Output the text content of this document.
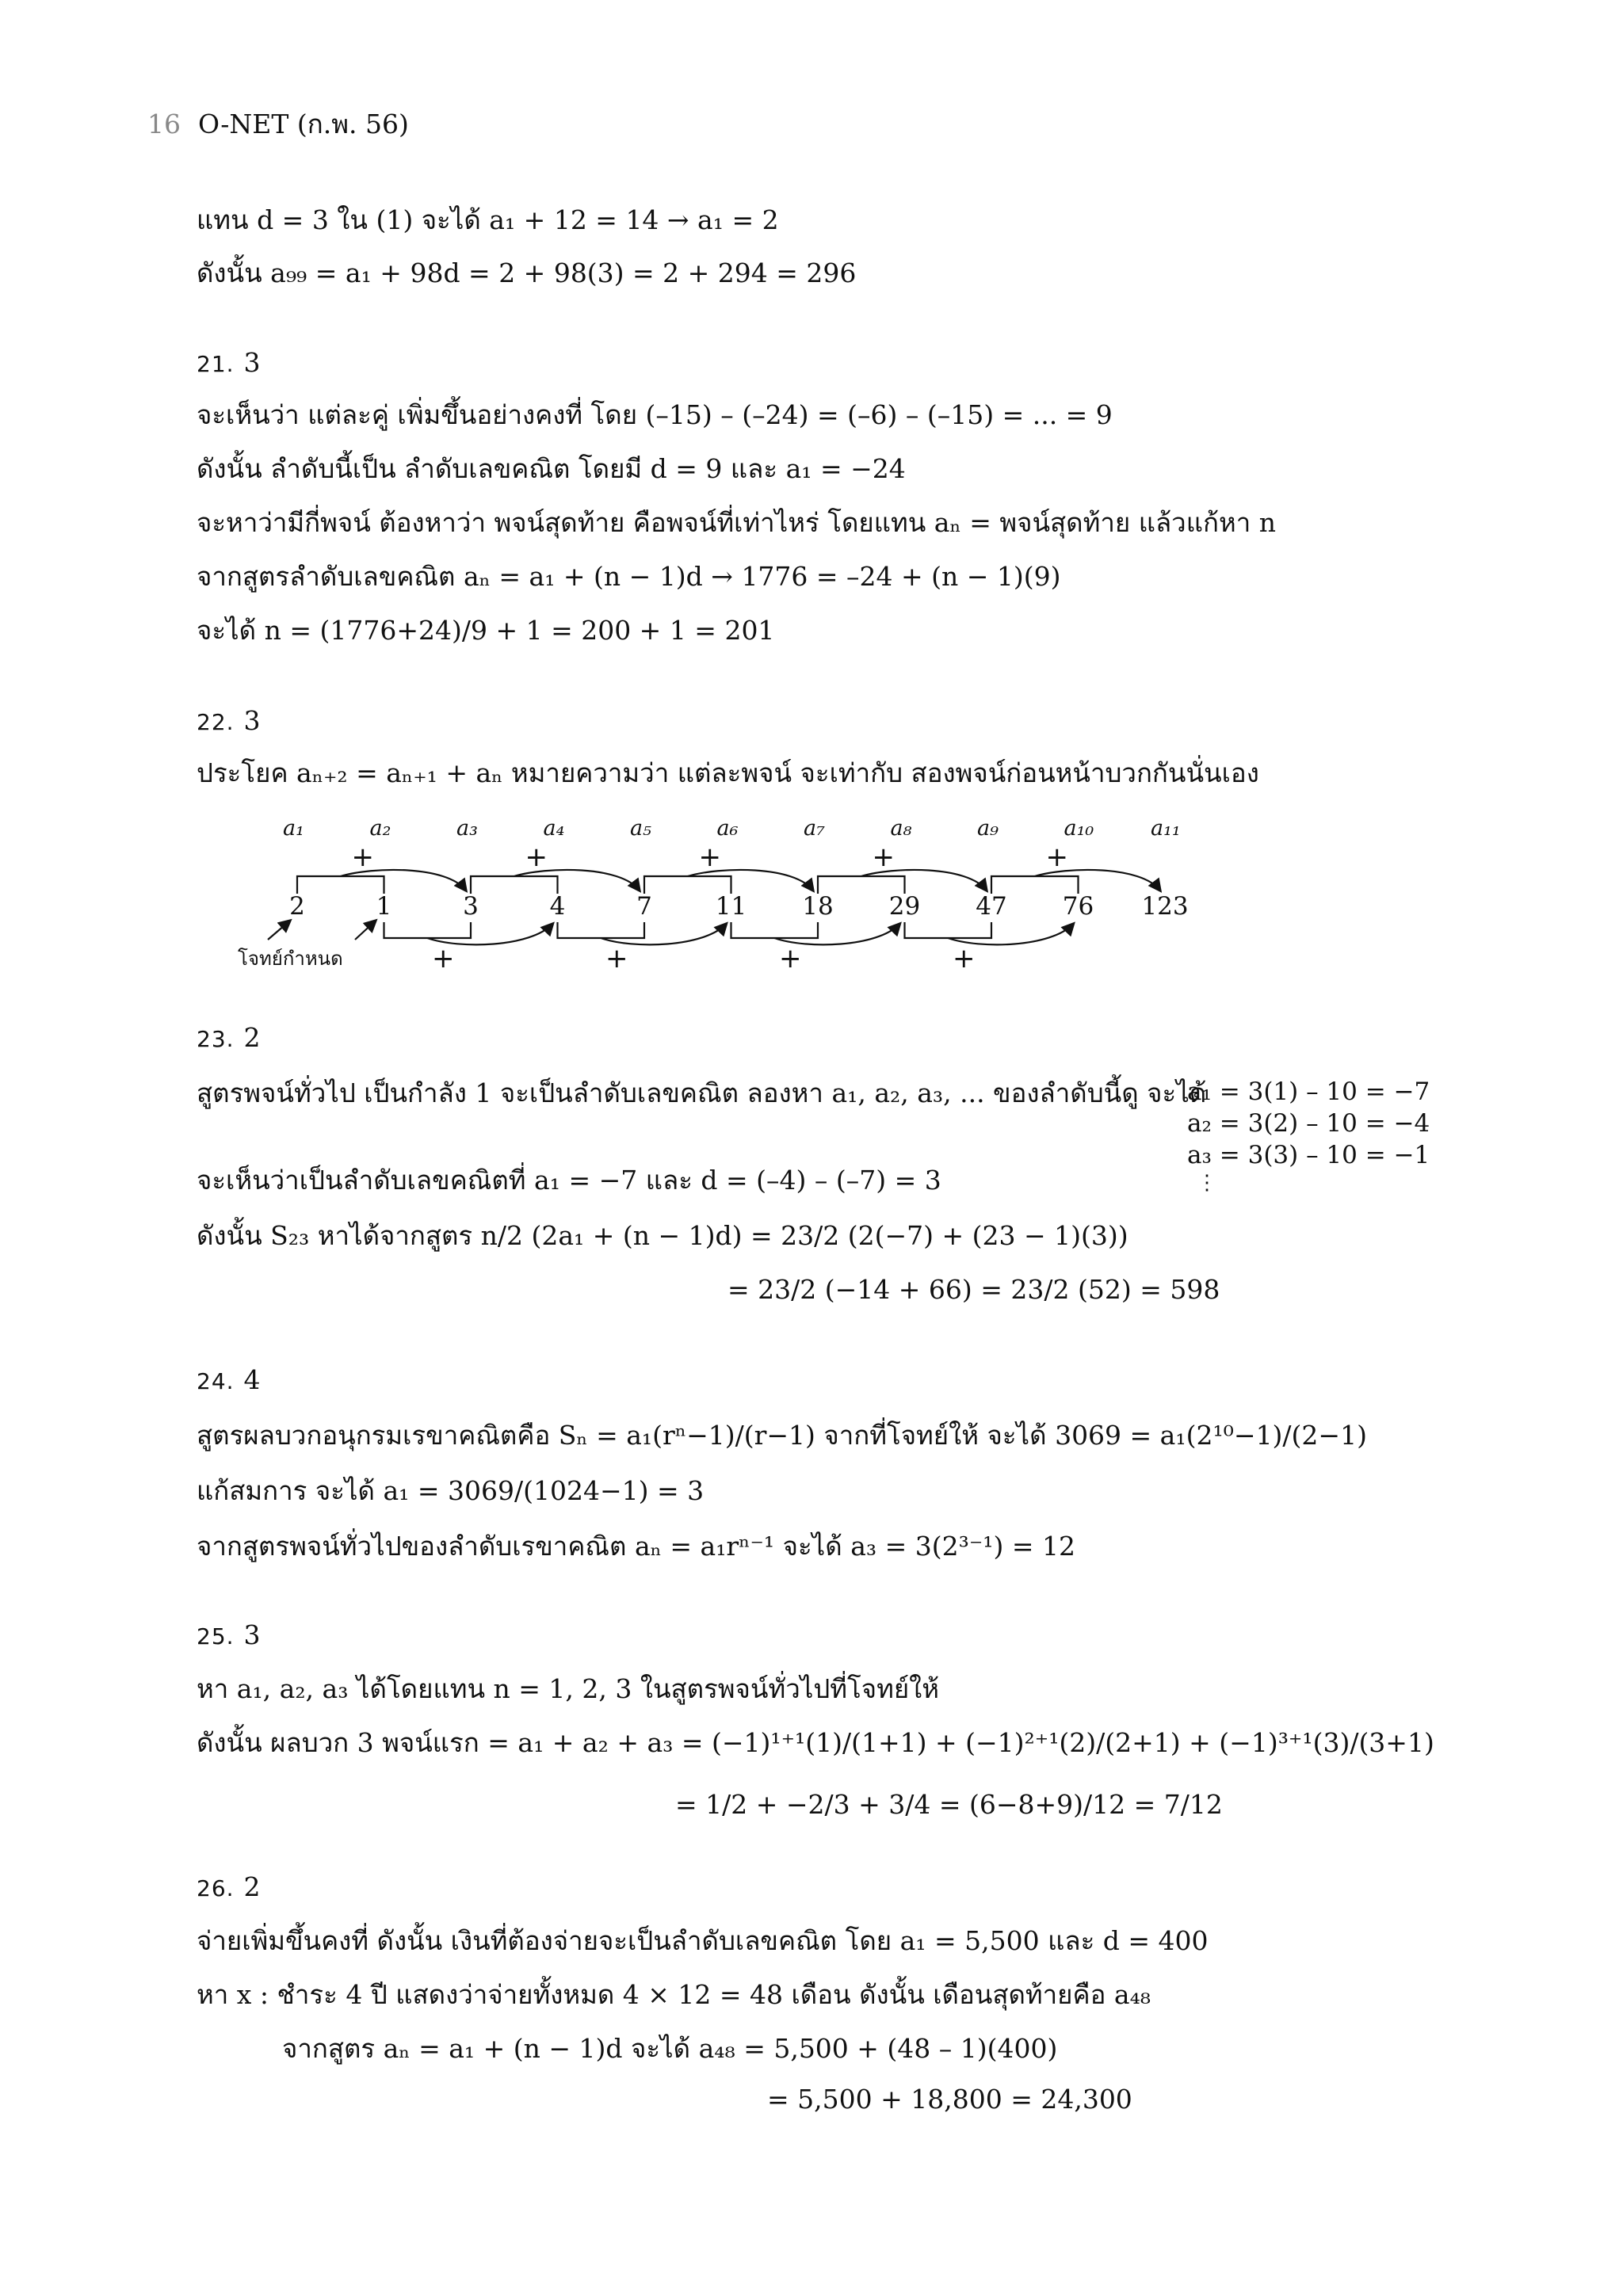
16 O-NET (ก.พ. 56)
แทน d = 3 ใน (1) จะได้ a₁ + 12 = 14 → a₁ = 2
ดังนั้น a₉₉ = a₁ + 98d = 2 + 98(3) = 2 + 294 = 296
21. 3
จะเห็นว่า แต่ละคู่ เพิ่มขึ้นอย่างคงที่ โดย (–15) – (–24) = (–6) – (–15) = ... = 9
ดังนั้น ลำดับนี้เป็น ลำดับเลขคณิต โดยมี d = 9 และ a₁ = −24
จะหาว่ามีกี่พจน์ ต้องหาว่า พจน์สุดท้าย คือพจน์ที่เท่าไหร่ โดยแทน aₙ = พจน์สุดท้าย แล้วแก้หา n
จากสูตรลำดับเลขคณิต aₙ = a₁ + (n − 1)d → 1776 = –24 + (n − 1)(9)
จะได้ n = (1776+24)/9 + 1 = 200 + 1 = 201
22. 3
ประโยค aₙ₊₂ = aₙ₊₁ + aₙ หมายความว่า แต่ละพจน์ จะเท่ากับ สองพจน์ก่อนหน้าบวกกันนั่นเอง
a₁	a₂	a₃	a₄	a₅	a₆	a₇	a₈	a₉	a₁₀	a₁₁
2	1	3	4	7	11 18 29 47 76 123
+	+	+	+	+
+	+	+	+
โจทย์กำหนด
23. 2
สูตรพจน์ทั่วไป เป็นกำลัง 1 จะเป็นลำดับเลขคณิต ลองหา a₁, a₂, a₃, ... ของลำดับนี้ดู จะได้
a₁ = 3(1) – 10 = −7
a₂ = 3(2) – 10 = −4
a₃ = 3(3) – 10 = −1
⋮
จะเห็นว่าเป็นลำดับเลขคณิตที่ a₁ = −7 และ d = (–4) – (–7) = 3
ดังนั้น S₂₃ หาได้จากสูตร n/2 (2a₁ + (n − 1)d) = 23/2 (2(−7) + (23 − 1)(3))
= 23/2 (−14 + 66) = 23/2 (52) = 598
24. 4
สูตรผลบวกอนุกรมเรขาคณิตคือ Sₙ = a₁(rⁿ−1)/(r−1) จากที่โจทย์ให้ จะได้ 3069 = a₁(2¹⁰−1)/(2−1)
แก้สมการ จะได้ a₁ = 3069/(1024−1) = 3
จากสูตรพจน์ทั่วไปของลำดับเรขาคณิต aₙ = a₁rⁿ⁻¹ จะได้ a₃ = 3(2³⁻¹) = 12
25. 3
หา a₁, a₂, a₃ ได้โดยแทน n = 1, 2, 3 ในสูตรพจน์ทั่วไปที่โจทย์ให้
ดังนั้น ผลบวก 3 พจน์แรก = a₁ + a₂ + a₃ = (−1)¹⁺¹(1)/(1+1) + (−1)²⁺¹(2)/(2+1) + (−1)³⁺¹(3)/(3+1)
= 1/2 + −2/3 + 3/4 = (6−8+9)/12 = 7/12
26. 2
จ่ายเพิ่มขึ้นคงที่ ดังนั้น เงินที่ต้องจ่ายจะเป็นลำดับเลขคณิต โดย a₁ = 5,500 และ d = 400
หา x : ชำระ 4 ปี แสดงว่าจ่ายทั้งหมด 4 × 12 = 48 เดือน ดังนั้น เดือนสุดท้ายคือ a₄₈
จากสูตร aₙ = a₁ + (n − 1)d จะได้ a₄₈ = 5,500 + (48 – 1)(400)
= 5,500 + 18,800 = 24,300
